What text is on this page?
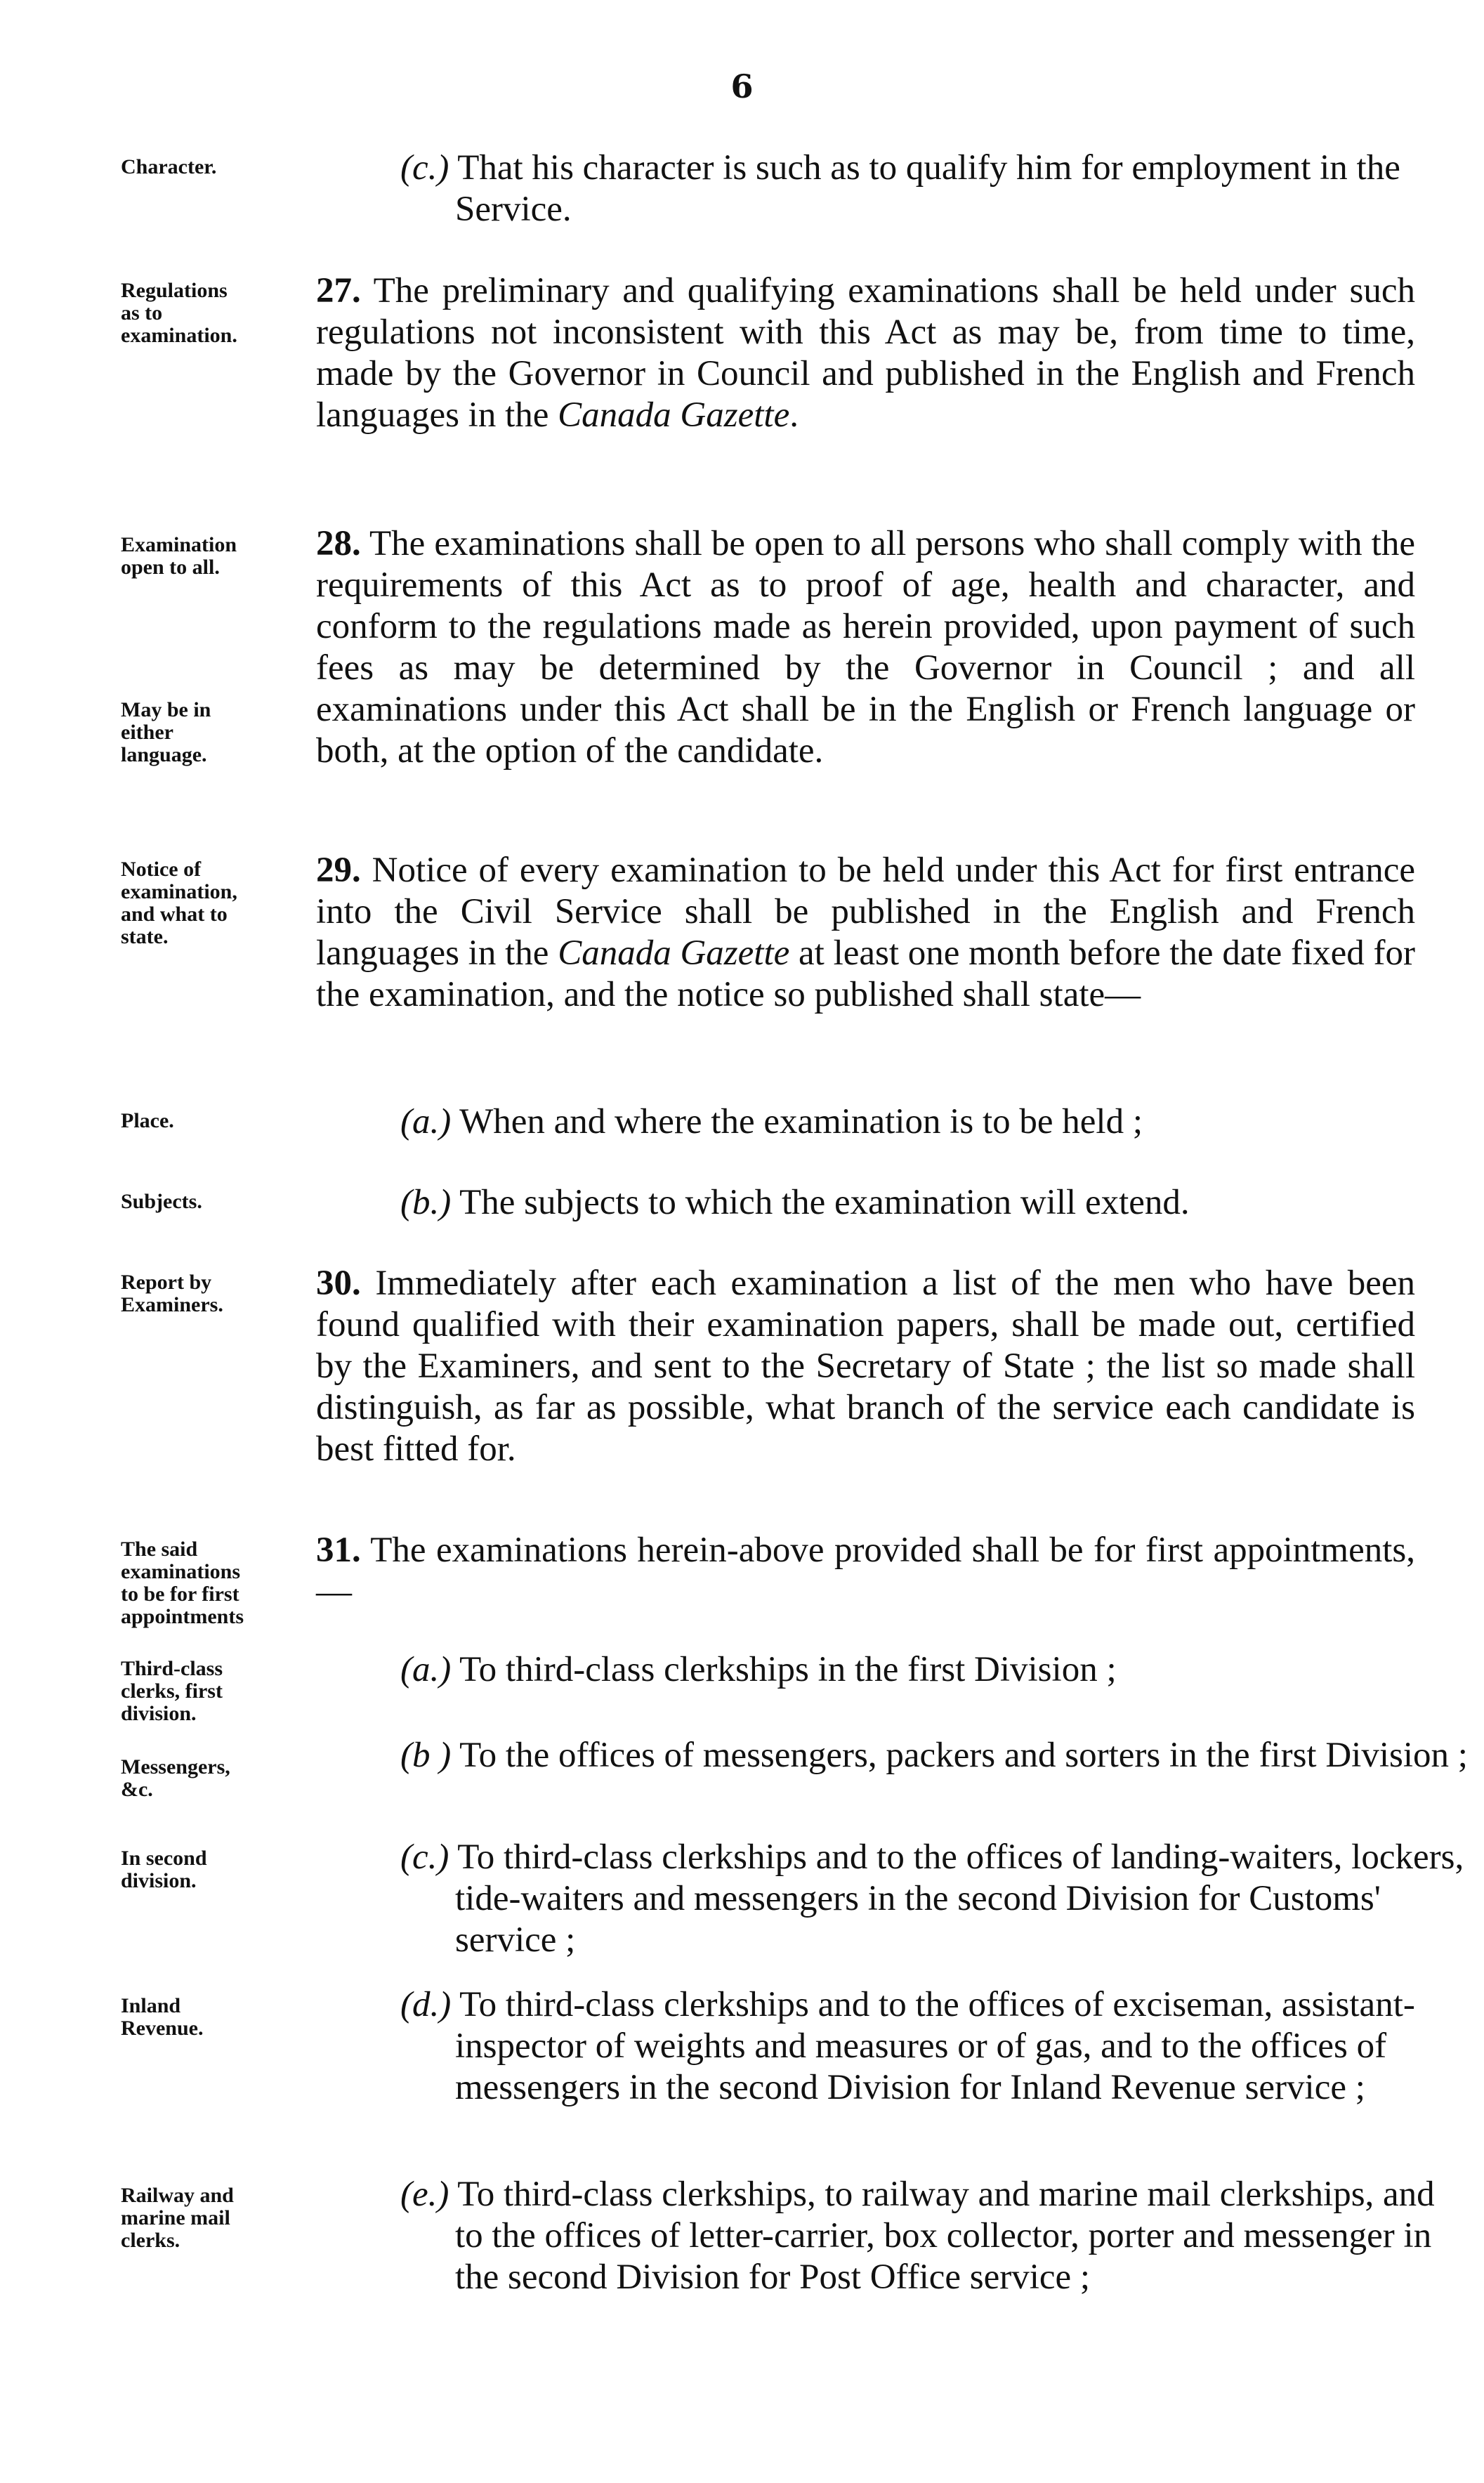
6
Character.
Regulations
as to
examination.
Examination
open to all.
May be in
either
language.
Notice of
examination,
and what to
state.
Place.
Subjects.
Report by
Examiners.
The said
examinations
to be for first
appointments
Third-class
clerks, first
division.
Messengers,
&c.
In second
division.
Inland
Revenue.
Railway and
marine mail
clerks.
(c.) That his character is such as to qualify him for employment in the Service.
27. The preliminary and qualifying examinations shall be held under such regulations not inconsistent with this Act as may be, from time to time, made by the Governor in Council and published in the English and French languages in the Canada Gazette.
28. The examinations shall be open to all persons who shall comply with the requirements of this Act as to proof of age, health and character, and conform to the regulations made as herein provided, upon payment of such fees as may be determined by the Governor in Council ; and all examinations under this Act shall be in the English or French language or both, at the option of the candidate.
29. Notice of every examination to be held under this Act for first entrance into the Civil Service shall be published in the English and French languages in the Canada Gazette at least one month before the date fixed for the examination, and the notice so published shall state—
(a.) When and where the examination is to be held ;
(b.) The subjects to which the examination will extend.
30. Immediately after each examination a list of the men who have been found qualified with their examination papers, shall be made out, certified by the Examiners, and sent to the Secretary of State ; the list so made shall distinguish, as far as possible, what branch of the service each candidate is best fitted for.
31. The examinations herein-above provided shall be for first appointments,—
(a.) To third-class clerkships in the first Division ;
(b ) To the offices of messengers, packers and sorters in the first Division ;
(c.) To third-class clerkships and to the offices of landing-waiters, lockers, tide-waiters and messengers in the second Division for Customs' service ;
(d.) To third-class clerkships and to the offices of exciseman, assistant-inspector of weights and measures or of gas, and to the offices of messengers in the second Division for Inland Revenue service ;
(e.) To third-class clerkships, to railway and marine mail clerkships, and to the offices of letter-carrier, box collector, porter and messenger in the second Division for Post Office service ;
